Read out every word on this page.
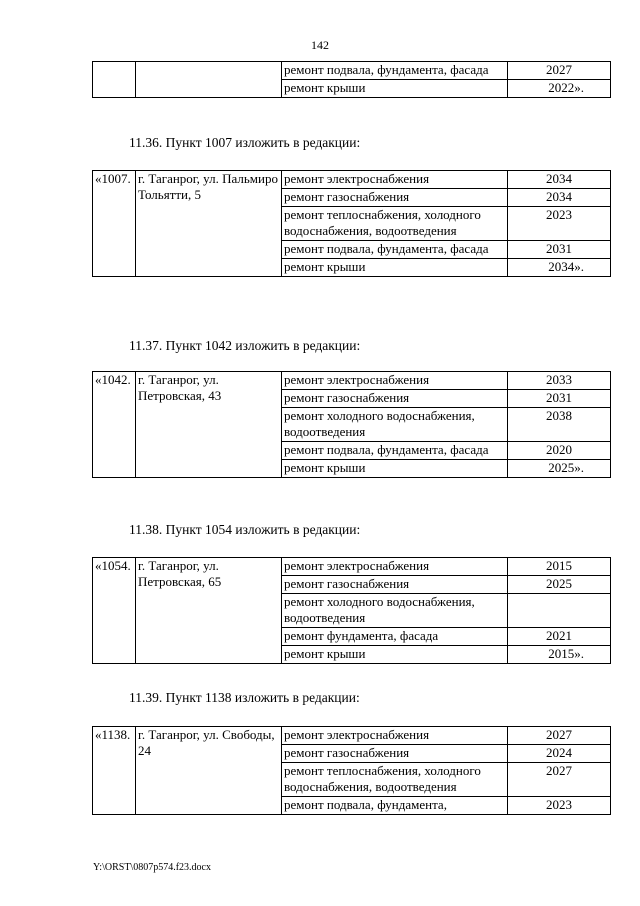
142
		ремонт подвала, фундамента, фасада	2027
		ремонт крыши	2022».
11.36. Пункт 1007 изложить в редакции:
«1007.	г. Таганрог, ул. Пальмиро Тольятти, 5	ремонт электроснабжения	2034
		ремонт газоснабжения	2034
		ремонт теплоснабжения, холодного водоснабжения, водоотведения	2023
		ремонт подвала, фундамента, фасада	2031
		ремонт крыши	2034».
11.37. Пункт 1042 изложить в редакции:
«1042.	г. Таганрог, ул. Петровская, 43	ремонт электроснабжения	2033
		ремонт газоснабжения	2031
		ремонт холодного водоснабжения, водоотведения	2038
		ремонт подвала, фундамента, фасада	2020
		ремонт крыши	2025».
11.38. Пункт 1054 изложить в редакции:
«1054.	г. Таганрог, ул. Петровская, 65	ремонт электроснабжения	2015
		ремонт газоснабжения	2025
		ремонт холодного водоснабжения, водоотведения	
		ремонт фундамента, фасада	2021
		ремонт крыши	2015».
11.39. Пункт 1138 изложить в редакции:
«1138.	г. Таганрог, ул. Свободы, 24	ремонт электроснабжения	2027
		ремонт газоснабжения	2024
		ремонт теплоснабжения, холодного водоснабжения, водоотведения	2027
		ремонт подвала, фундамента,	2023
Y:\ORST\0807p574.f23.docx
